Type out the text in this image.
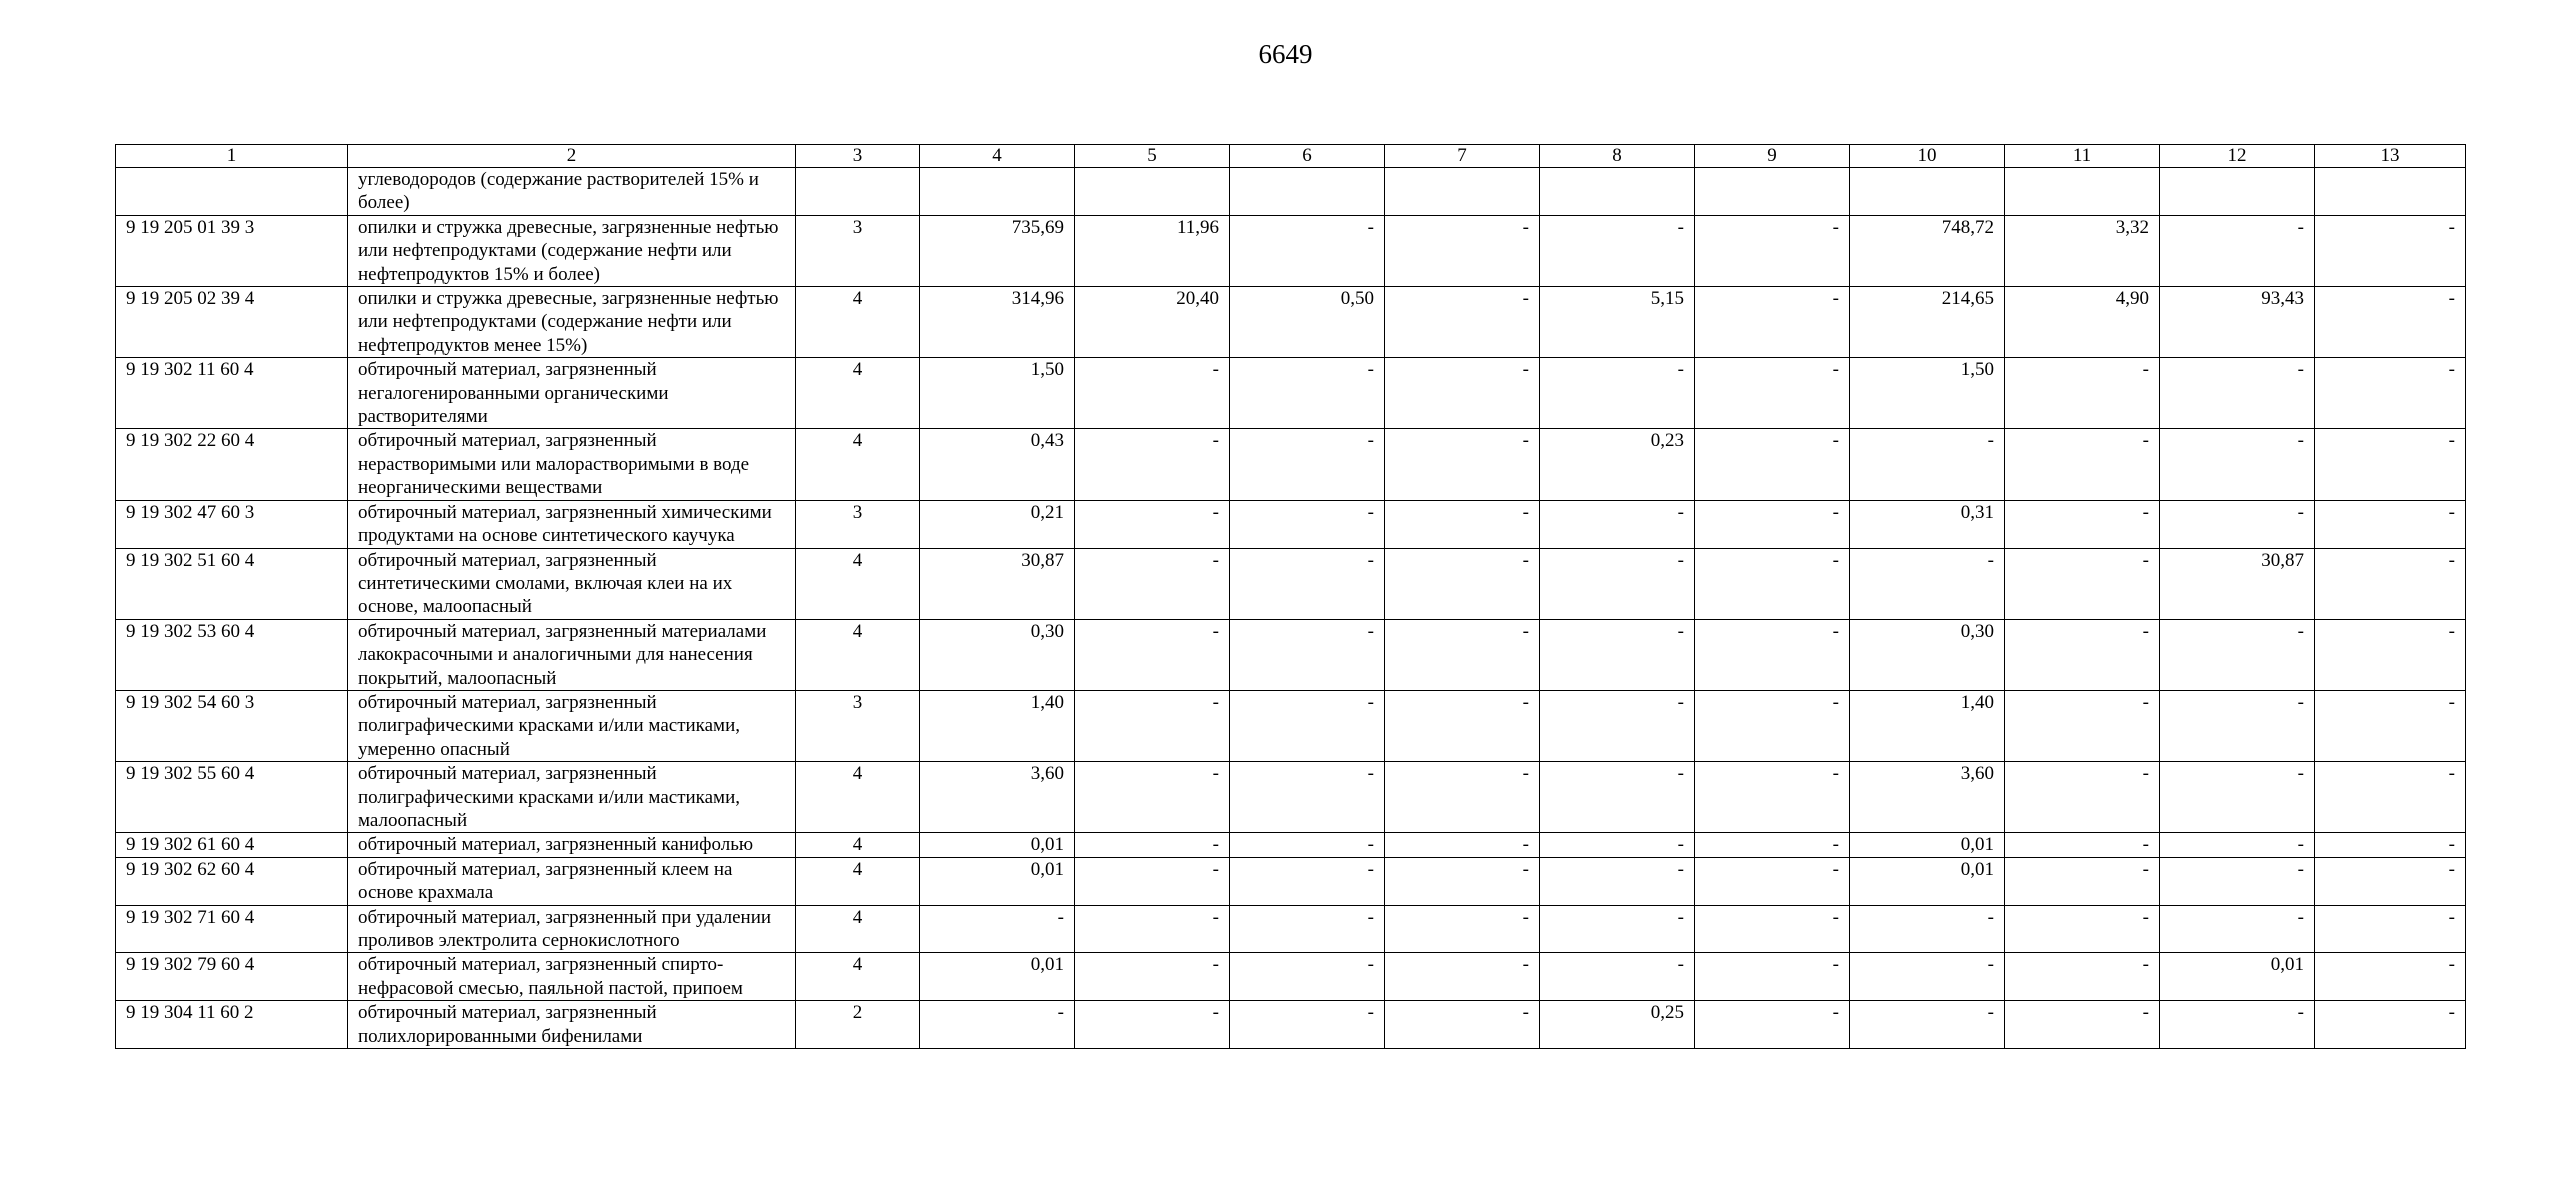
6649
1	2	3	4	5	6	7	8	9	10	11	12	13
	углеводородов (содержание растворителей 15% и более)											
9 19 205 01 39 3	опилки и стружка древесные, загрязненные нефтью или нефтепродуктами (содержание нефти или нефтепродуктов 15% и более)	3	735,69	11,96	-	-	-	-	748,72	3,32	-	-
9 19 205 02 39 4	опилки и стружка древесные, загрязненные нефтью или нефтепродуктами (содержание нефти или нефтепродуктов менее 15%)	4	314,96	20,40	0,50	-	5,15	-	214,65	4,90	93,43	-
9 19 302 11 60 4	обтирочный материал, загрязненный негалогенированными органическими растворителями	4	1,50	-	-	-	-	-	1,50	-	-	-
9 19 302 22 60 4	обтирочный материал, загрязненный нерастворимыми или малорастворимыми в воде неорганическими веществами	4	0,43	-	-	-	0,23	-	-	-	-	-
9 19 302 47 60 3	обтирочный материал, загрязненный химическими продуктами на основе синтетического каучука	3	0,21	-	-	-	-	-	0,31	-	-	-
9 19 302 51 60 4	обтирочный материал, загрязненный синтетическими смолами, включая клеи на их основе, малоопасный	4	30,87	-	-	-	-	-	-	-	30,87	-
9 19 302 53 60 4	обтирочный материал, загрязненный материалами лакокрасочными и аналогичными для нанесения покрытий, малоопасный	4	0,30	-	-	-	-	-	0,30	-	-	-
9 19 302 54 60 3	обтирочный материал, загрязненный полиграфическими красками и/или мастиками, умеренно опасный	3	1,40	-	-	-	-	-	1,40	-	-	-
9 19 302 55 60 4	обтирочный материал, загрязненный полиграфическими красками и/или мастиками, малоопасный	4	3,60	-	-	-	-	-	3,60	-	-	-
9 19 302 61 60 4	обтирочный материал, загрязненный канифолью	4	0,01	-	-	-	-	-	0,01	-	-	-
9 19 302 62 60 4	обтирочный материал, загрязненный клеем на основе крахмала	4	0,01	-	-	-	-	-	0,01	-	-	-
9 19 302 71 60 4	обтирочный материал, загрязненный при удалении проливов электролита сернокислотного	4	-	-	-	-	-	-	-	-	-	-
9 19 302 79 60 4	обтирочный материал, загрязненный спирто-нефрасовой смесью, паяльной пастой, припоем	4	0,01	-	-	-	-	-	-	-	0,01	-
9 19 304 11 60 2	обтирочный материал, загрязненный полихлорированными бифенилами	2	-	-	-	-	0,25	-	-	-	-	-
